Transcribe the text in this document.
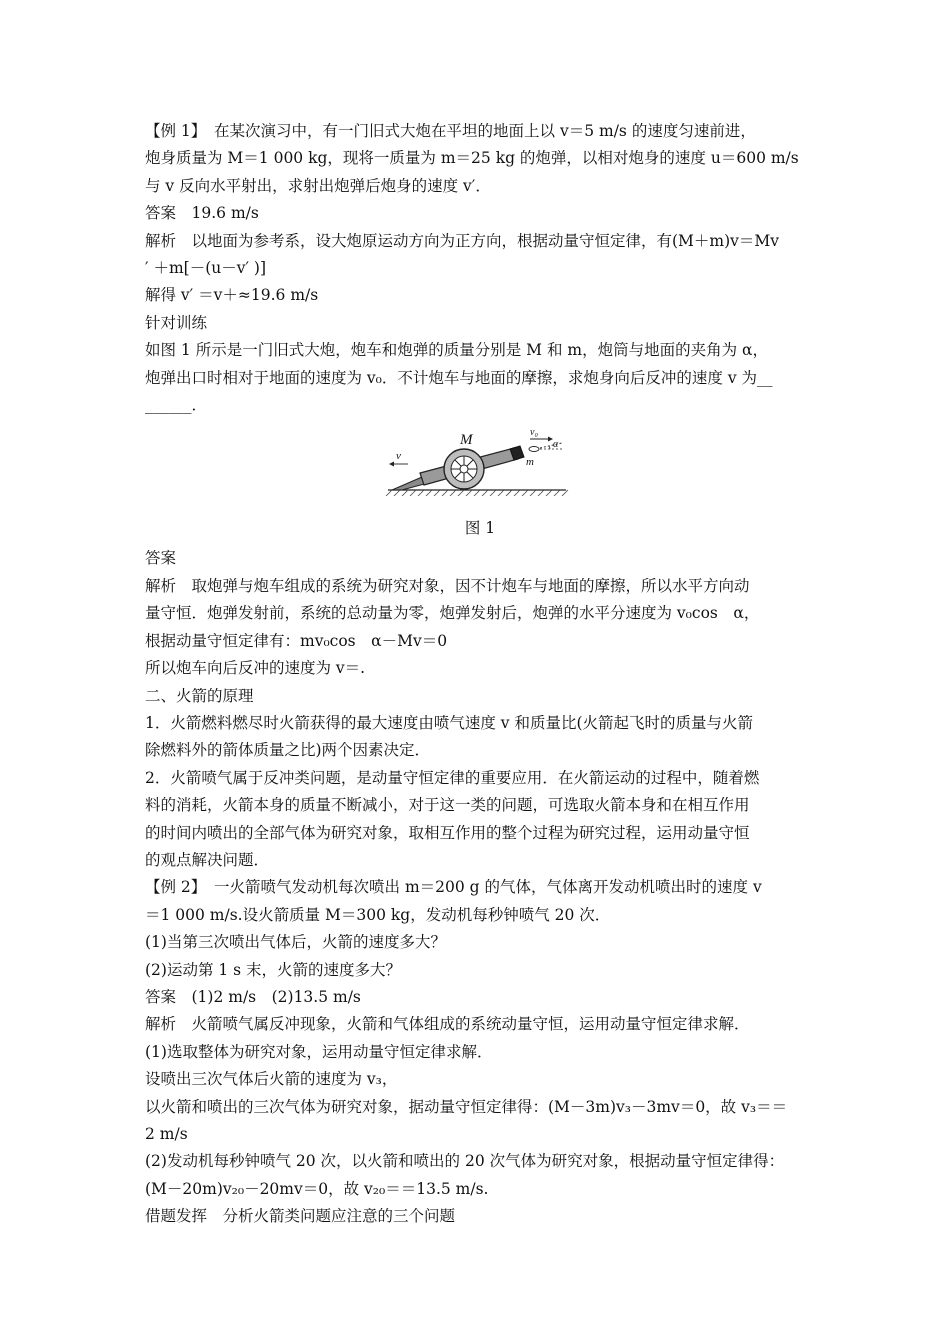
【例 1】　在某次演习中，有一门旧式大炮在平坦的地面上以 v＝5 m/s 的速度匀速前进，

炮身质量为 M＝1 000 kg，现将一质量为 m＝25 kg 的炮弹，以相对炮身的速度 u＝600 m/s

与 v 反向水平射出，求射出炮弹后炮身的速度 v′．

答案　19.6 m/s

解析　以地面为参考系，设大炮原运动方向为正方向，根据动量守恒定律，有(M＋m)v＝Mv

′ ＋m[－(u－v′ )]

解得 v′ ＝v＋≈19.6 m/s

针对训练

如图 1 所示是一门旧式大炮，炮车和炮弹的质量分别是 M 和 m，炮筒与地面的夹角为 α，

炮弹出口时相对于地面的速度为 v₀．不计炮车与地面的摩擦，求炮身向后反冲的速度 v 为__

______．

M
m
v
v₀
α
图 1

答案

解析　取炮弹与炮车组成的系统为研究对象，因不计炮车与地面的摩擦，所以水平方向动

量守恒．炮弹发射前，系统的总动量为零，炮弹发射后，炮弹的水平分速度为 v₀cos　α，

根据动量守恒定律有：mv₀cos　α－Mv＝0

所以炮车向后反冲的速度为 v＝.

二、火箭的原理

1．火箭燃料燃尽时火箭获得的最大速度由喷气速度 v 和质量比(火箭起飞时的质量与火箭

除燃料外的箭体质量之比)两个因素决定．

2．火箭喷气属于反冲类问题，是动量守恒定律的重要应用．在火箭运动的过程中，随着燃

料的消耗，火箭本身的质量不断减小，对于这一类的问题，可选取火箭本身和在相互作用

的时间内喷出的全部气体为研究对象，取相互作用的整个过程为研究过程，运用动量守恒

的观点解决问题．

【例 2】　一火箭喷气发动机每次喷出 m＝200 g 的气体，气体离开发动机喷出时的速度 v

＝1 000 m/s.设火箭质量 M＝300 kg，发动机每秒钟喷气 20 次．

(1)当第三次喷出气体后，火箭的速度多大？

(2)运动第 1 s 末，火箭的速度多大？

答案　(1)2 m/s　(2)13.5 m/s

解析　火箭喷气属反冲现象，火箭和气体组成的系统动量守恒，运用动量守恒定律求解．

(1)选取整体为研究对象，运用动量守恒定律求解．

设喷出三次气体后火箭的速度为 v₃，

以火箭和喷出的三次气体为研究对象，据动量守恒定律得：(M－3m)v₃－3mv＝0，故 v₃＝＝

2 m/s

(2)发动机每秒钟喷气 20 次，以火箭和喷出的 20 次气体为研究对象，根据动量守恒定律得：

(M－20m)v₂₀－20mv＝0，故 v₂₀＝＝13.5 m/s.

借题发挥　分析火箭类问题应注意的三个问题
